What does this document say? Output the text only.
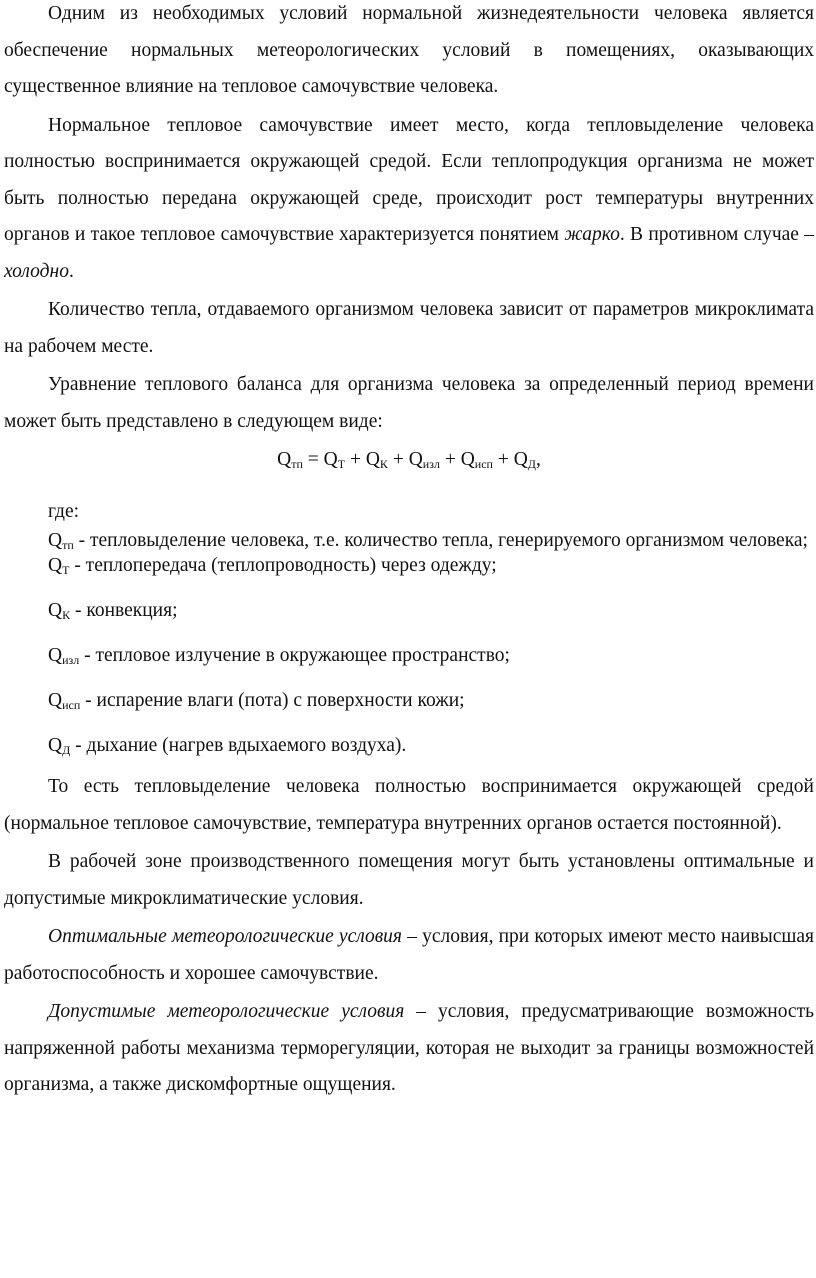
Одним из необходимых условий нормальной жизнедеятельности человека является обеспечение нормальных метеорологических условий в помещениях, оказывающих существенное влияние на тепловое самочувствие человека.

Нормальное тепловое самочувствие имеет место, когда тепловыделение человека полностью воспринимается окружающей средой. Если теплопродукция организма не может быть полностью передана окружающей среде, происходит рост температуры внутренних органов и такое тепловое самочувствие характеризуется понятием жарко. В противном случае – холодно.

Количество тепла, отдаваемого организмом человека зависит от параметров микроклимата на рабочем месте.

Уравнение теплового баланса для организма человека за определенный период времени может быть представлено в следующем виде:

$Q_{тп} = Q_Т + Q_К + Q_{изл} + Q_{исп} + Q_Д$,

где:

$Q_{тп}$ - тепловыделение человека, т.е. количество тепла, генерируемого организмом человека;

$Q_Т$ - теплопередача (теплопроводность) через одежду;

$Q_К$ - конвекция;

$Q_{изл}$ - тепловое излучение в окружающее пространство;

$Q_{исп}$ - испарение влаги (пота) с поверхности кожи;

$Q_Д$ - дыхание (нагрев вдыхаемого воздуха).

То есть тепловыделение человека полностью воспринимается окружающей средой (нормальное тепловое самочувствие, температура внутренних органов остается постоянной).

В рабочей зоне производственного помещения могут быть установлены оптимальные и допустимые микроклиматические условия.

Оптимальные метеорологические условия – условия, при которых имеют место наивысшая работоспособность и хорошее самочувствие.

Допустимые метеорологические условия – условия, предусматривающие возможность напряженной работы механизма терморегуляции, которая не выходит за границы возможностей организма, а также дискомфортные ощущения.
